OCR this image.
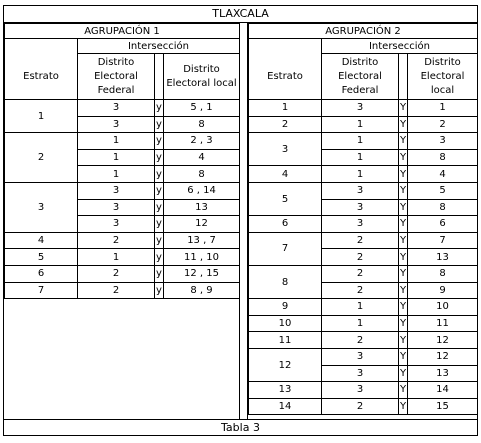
TLAXCALA
AGRUPACIÓN 1			
	Intersección		
Estrato	Distrito Electoral Federal		Distrito Electoral local
1	3	y	5 , 1
	3	y	8
2	1	y	2 , 3
	1	y	4
	1	y	8
3	3	y	6 , 14
	3	y	13
	3	y	12
4	2	y	13 , 7
5	1	y	11 , 10
6	2	y	12 , 15
7	2	y	8 , 9
AGRUPACIÓN 2			
	Intersección		
Estrato	Distrito Electoral Federal		Distrito Electoral local
1	3	Y	1
2	1	Y	2
3	1	Y	3
	1	Y	8
4	1	Y	4
5	3	Y	5
	3	Y	8
6	3	Y	6
7	2	Y	7
	2	Y	13
8	2	Y	8
	2	Y	9
9	1	Y	10
10	1	Y	11
11	2	Y	12
12	3	Y	12
	3	Y	13
13	3	Y	14
14	2	Y	15
Tabla 3
